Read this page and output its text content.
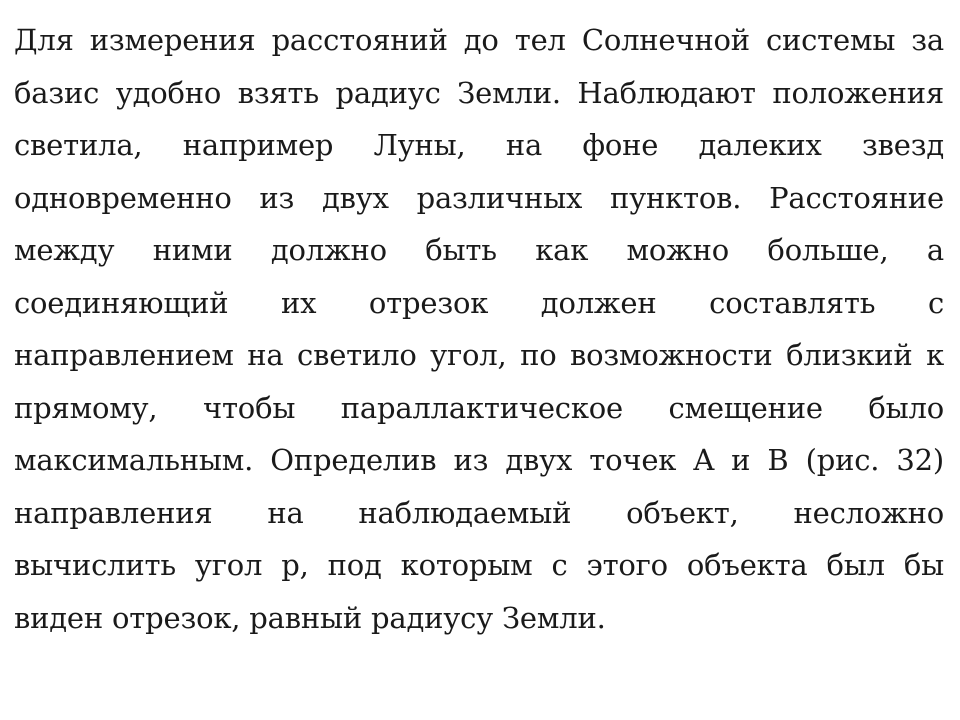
Для измерения расстояний до тел Солнечной системы за
базис удобно взять радиус Земли. Наблюдают положения
светила, например Луны, на фоне далеких звезд
одновременно из двух различных пунктов. Расстояние
между ними должно быть как можно больше, а
соединяющий их отрезок должен составлять с
направлением на светило угол, по возможности близкий к
прямому, чтобы параллактическое смещение было
максимальным. Определив из двух точек A и B (рис. 32)
направления на наблюдаемый объект, несложно
вычислить угол p, под которым с этого объекта был бы
виден отрезок, равный радиусу Земли.
